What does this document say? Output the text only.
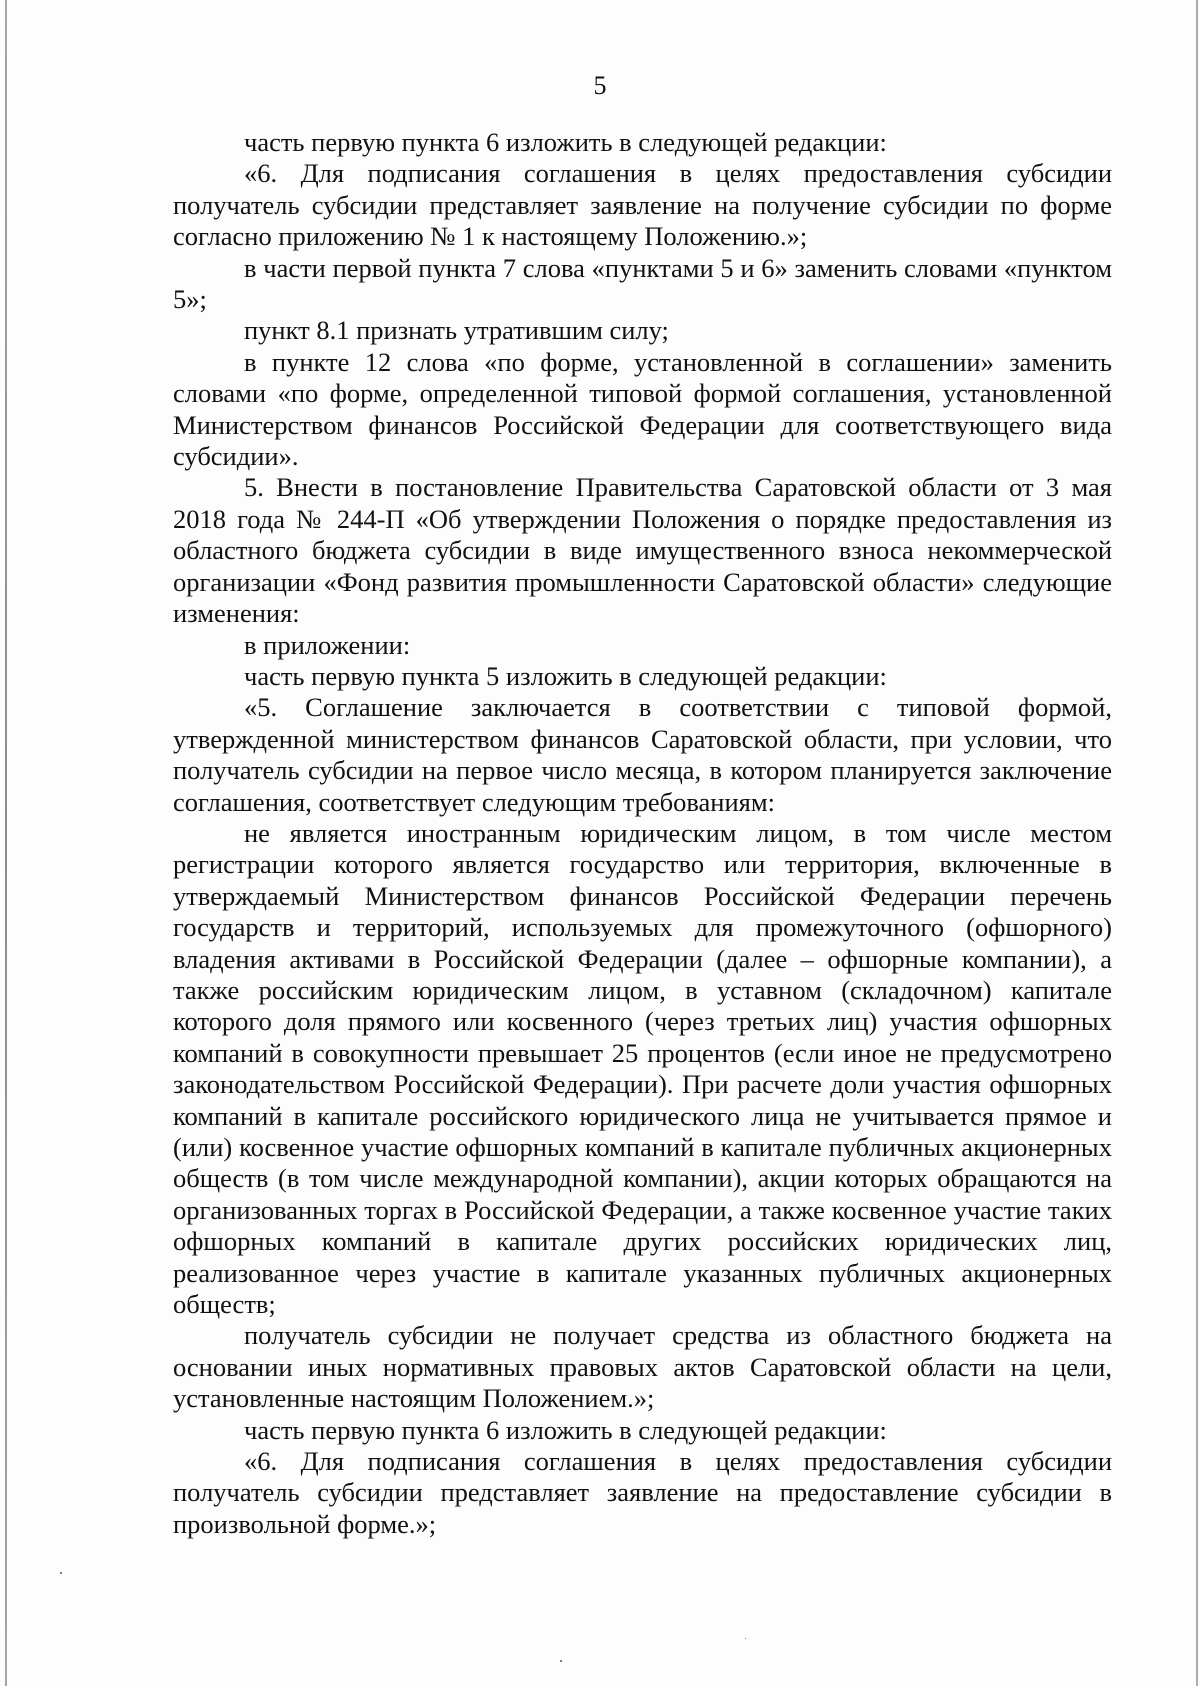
5

часть первую пункта 6 изложить в следующей редакции:

«6. Для подписания соглашения в целях предоставления субсидии получатель субсидии представляет заявление на получение субсидии по форме согласно приложению № 1 к настоящему Положению.»;

в части первой пункта 7 слова «пунктами 5 и 6» заменить словами «пунктом 5»;

пункт 8.1 признать утратившим силу;

в пункте 12 слова «по форме, установленной в соглашении» заменить словами «по форме, определенной типовой формой соглашения, установленной Министерством финансов Российской Федерации для соответствующего вида субсидии».

5. Внести в постановление Правительства Саратовской области от 3 мая 2018 года № 244-П «Об утверждении Положения о порядке предоставления из областного бюджета субсидии в виде имущественного взноса некоммерческой организации «Фонд развития промышленности Саратовской области» следующие изменения:

в приложении:

часть первую пункта 5 изложить в следующей редакции:

«5. Соглашение заключается в соответствии с типовой формой, утвержденной министерством финансов Саратовской области, при условии, что получатель субсидии на первое число месяца, в котором планируется заключение соглашения, соответствует следующим требованиям:

не является иностранным юридическим лицом, в том числе местом регистрации которого является государство или территория, включенные в утверждаемый Министерством финансов Российской Федерации перечень государств и территорий, используемых для промежуточного (офшорного) владения активами в Российской Федерации (далее – офшорные компании), а также российским юридическим лицом, в уставном (складочном) капитале которого доля прямого или косвенного (через третьих лиц) участия офшорных компаний в совокупности превышает 25 процентов (если иное не предусмотрено законодательством Российской Федерации). При расчете доли участия офшорных компаний в капитале российского юридического лица не учитывается прямое и (или) косвенное участие офшорных компаний в капитале публичных акционерных обществ (в том числе международной компании), акции которых обращаются на организованных торгах в Российской Федерации, а также косвенное участие таких офшорных компаний в капитале других российских юридических лиц, реализованное через участие в капитале указанных публичных акционерных обществ;

получатель субсидии не получает средства из областного бюджета на основании иных нормативных правовых актов Саратовской области на цели, установленные настоящим Положением.»;

часть первую пункта 6 изложить в следующей редакции:

«6. Для подписания соглашения в целях предоставления субсидии получатель субсидии представляет заявление на предоставление субсидии в произвольной форме.»;
